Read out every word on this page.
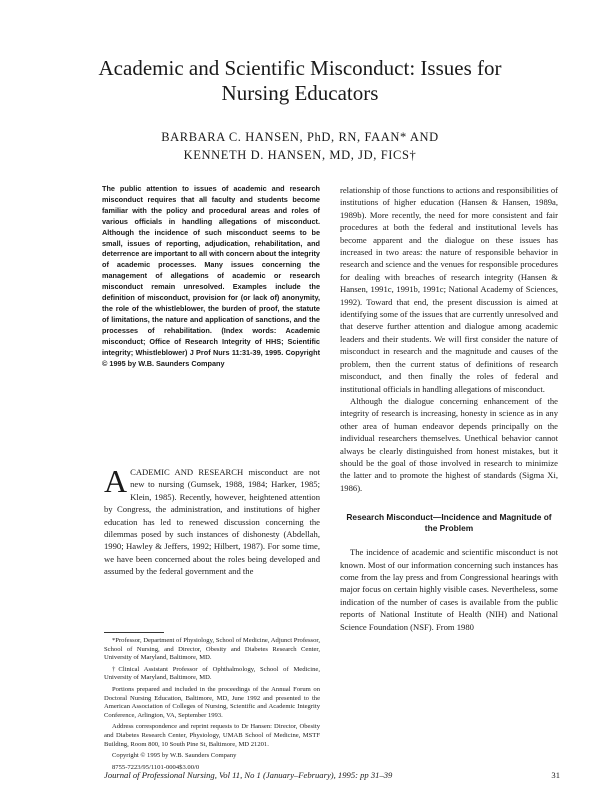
Academic and Scientific Misconduct: Issues for
Nursing Educators
BARBARA C. HANSEN, PhD, RN, FAAN* AND
KENNETH D. HANSEN, MD, JD, FICS†
The public attention to issues of academic and research misconduct requires that all faculty and students become familiar with the policy and procedural areas and roles of various officials in handling allegations of misconduct. Although the incidence of such misconduct seems to be small, issues of reporting, adjudication, rehabilitation, and deterrence are important to all with concern about the integrity of academic processes. Many issues concerning the management of allegations of academic or research misconduct remain unresolved. Examples include the definition of misconduct, provision for (or lack of) anonymity, the role of the whistleblower, the burden of proof, the statute of limitations, the nature and application of sanctions, and the processes of rehabilitation. (Index words: Academic misconduct; Office of Research Integrity of HHS; Scientific integrity; Whistleblower) J Prof Nurs 11:31-39, 1995. Copyright © 1995 by W.B. Saunders Company
ACADEMIC AND RESEARCH misconduct are not new to nursing (Gumsek, 1988, 1984; Harker, 1985; Klein, 1985). Recently, however, heightened attention by Congress, the administration, and institutions of higher education has led to renewed discussion concerning the dilemmas posed by such instances of dishonesty (Abdellah, 1990; Hawley & Jeffers, 1992; Hilbert, 1987). For some time, we have been concerned about the roles being developed and assumed by the federal government and the

*Professor, Department of Physiology, School of Medicine, Adjunct Professor, School of Nursing, and Director, Obesity and Diabetes Research Center, University of Maryland, Baltimore, MD.

†Clinical Assistant Professor of Ophthalmology, School of Medicine, University of Maryland, Baltimore, MD.

Portions prepared and included in the proceedings of the Annual Forum on Doctoral Nursing Education, Baltimore, MD, June 1992 and presented to the American Association of Colleges of Nursing, Scientific and Academic Integrity Conference, Arlington, VA, September 1993.

Address correspondence and reprint requests to Dr Hansen: Director, Obesity and Diabetes Research Center, Physiology, UMAB School of Medicine, MSTF Building, Room 800, 10 South Pine St, Baltimore, MD 21201.

Copyright © 1995 by W.B. Saunders Company

8755-7223/95/1101-0004$3.00/0

relationship of those functions to actions and responsibilities of institutions of higher education (Hansen & Hansen, 1989a, 1989b). More recently, the need for more consistent and fair procedures at both the federal and institutional levels has become apparent and the dialogue on these issues has increased in two areas: the nature of responsible behavior in research and science and the venues for responsible procedures for dealing with breaches of research integrity (Hansen & Hansen, 1991c, 1991b, 1991c; National Academy of Sciences, 1992). Toward that end, the present discussion is aimed at identifying some of the issues that are currently unresolved and that deserve further attention and dialogue among academic leaders and their students. We will first consider the nature of misconduct in research and the magnitude and causes of the problem, then the current status of definitions of research misconduct, and then finally the roles of federal and institutional officials in handling allegations of misconduct.

Although the dialogue concerning enhancement of the integrity of research is increasing, honesty in science as in any other area of human endeavor depends principally on the individual researchers themselves. Unethical behavior cannot always be clearly distinguished from honest mistakes, but it should be the goal of those involved in research to minimize the latter and to promote the highest of standards (Sigma Xi, 1986).

Research Misconduct—Incidence and Magnitude of the Problem

The incidence of academic and scientific misconduct is not known. Most of our information concerning such instances has come from the lay press and from Congressional hearings with major focus on certain highly visible cases. Nevertheless, some indication of the number of cases is available from the public reports of National Institute of Health (NIH) and National Science Foundation (NSF). From 1980

Journal of Professional Nursing, Vol 11, No 1 (January–February), 1995: pp 31–39	31
